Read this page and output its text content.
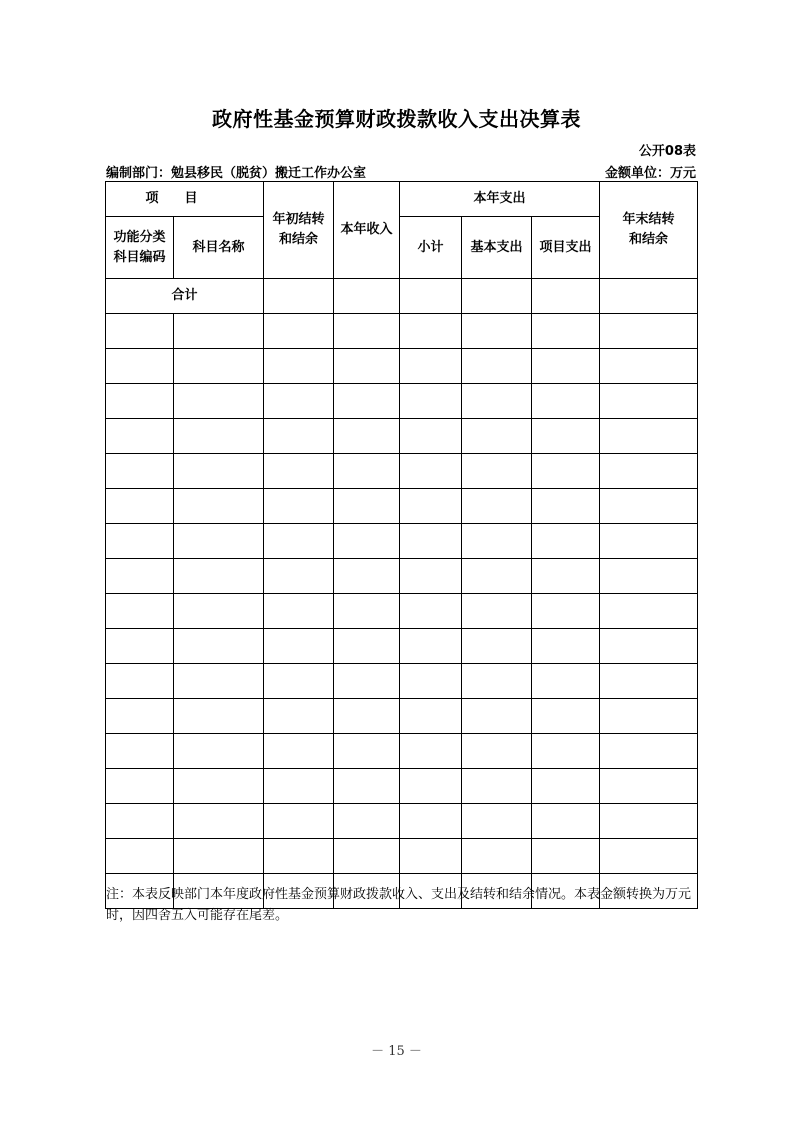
政府性基金预算财政拨款收入支出决算表
公开08表
编制部门：勉县移民（脱贫）搬迁工作办公室	金额单位：万元
项目		年初结转和结余	本年收入	本年支出			年末结转和结余
功能分类科目编码	科目名称			小计	基本支出	项目支出	
合计							

注：本表反映部门本年度政府性基金预算财政拨款收入、支出及结转和结余情况。本表金额转换为万元时，因四舍五入可能存在尾差。
－ 15 －
